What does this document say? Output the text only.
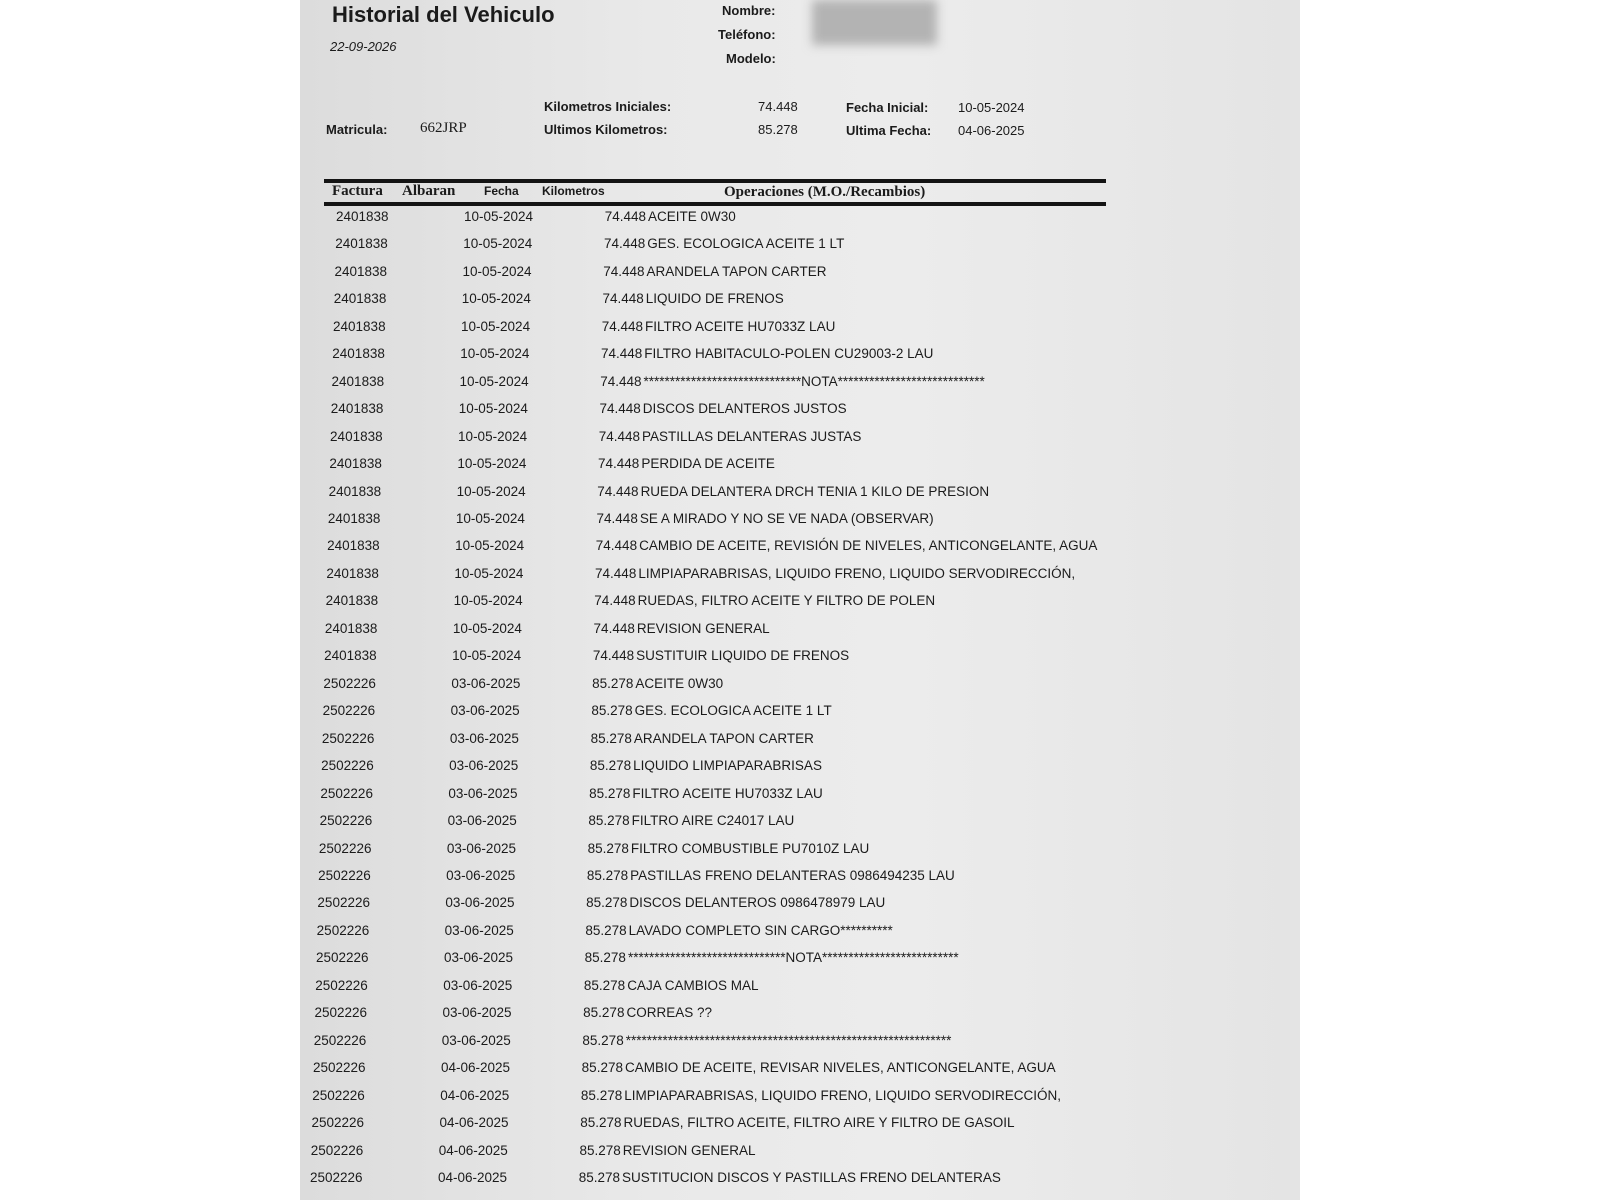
Historial del Vehiculo
22-09-2026
Nombre:
Teléfono:
Modelo:
Kilometros Iniciales:	74.448	Fecha Inicial: 10-05-2024
Matricula: 662JRP	Ultimos Kilometros:	85.278	Ultima Fecha: 04-06-2025
Factura Albaran Fecha Kilometros	Operaciones (M.O./Recambios)
2401838	10-05-2024	74.448 ACEITE 0W30
2401838	10-05-2024	74.448 GES. ECOLOGICA ACEITE 1 LT
2401838	10-05-2024	74.448 ARANDELA TAPON CARTER
2401838	10-05-2024	74.448 LIQUIDO DE FRENOS
2401838	10-05-2024	74.448 FILTRO ACEITE HU7033Z LAU
2401838	10-05-2024	74.448 FILTRO HABITACULO-POLEN CU29003-2 LAU
2401838	10-05-2024	74.448 ******************************NOTA****************************
2401838	10-05-2024	74.448 DISCOS DELANTEROS JUSTOS
2401838	10-05-2024	74.448 PASTILLAS DELANTERAS JUSTAS
2401838	10-05-2024	74.448 PERDIDA DE ACEITE
2401838	10-05-2024	74.448 RUEDA DELANTERA DRCH TENIA 1 KILO DE PRESION
2401838	10-05-2024	74.448 SE A MIRADO Y NO SE VE NADA (OBSERVAR)
2401838	10-05-2024	74.448 CAMBIO DE ACEITE, REVISIÓN DE NIVELES, ANTICONGELANTE, AGUA
2401838	10-05-2024	74.448 LIMPIAPARABRISAS, LIQUIDO FRENO, LIQUIDO SERVODIRECCIÓN,
2401838	10-05-2024	74.448 RUEDAS, FILTRO ACEITE Y FILTRO DE POLEN
2401838	10-05-2024	74.448 REVISION GENERAL
2401838	10-05-2024	74.448 SUSTITUIR LIQUIDO DE FRENOS
2502226	03-06-2025	85.278 ACEITE 0W30
2502226	03-06-2025	85.278 GES. ECOLOGICA ACEITE 1 LT
2502226	03-06-2025	85.278 ARANDELA TAPON CARTER
2502226	03-06-2025	85.278 LIQUIDO LIMPIAPARABRISAS
2502226	03-06-2025	85.278 FILTRO ACEITE HU7033Z LAU
2502226	03-06-2025	85.278 FILTRO AIRE C24017 LAU
2502226	03-06-2025	85.278 FILTRO COMBUSTIBLE PU7010Z LAU
2502226	03-06-2025	85.278 PASTILLAS FRENO DELANTERAS 0986494235 LAU
2502226	03-06-2025	85.278 DISCOS DELANTEROS 0986478979 LAU
2502226	03-06-2025	85.278 LAVADO COMPLETO SIN CARGO**********
2502226	03-06-2025	85.278 ******************************NOTA**************************
2502226	03-06-2025	85.278 CAJA CAMBIOS MAL
2502226	03-06-2025	85.278 CORREAS ??
2502226	03-06-2025	85.278 **************************************************************
2502226	04-06-2025	85.278 CAMBIO DE ACEITE, REVISAR NIVELES, ANTICONGELANTE, AGUA
2502226	04-06-2025	85.278 LIMPIAPARABRISAS, LIQUIDO FRENO, LIQUIDO SERVODIRECCIÓN,
2502226	04-06-2025	85.278 RUEDAS, FILTRO ACEITE, FILTRO AIRE Y FILTRO DE GASOIL
2502226	04-06-2025	85.278 REVISION GENERAL
2502226	04-06-2025	85.278 SUSTITUCION DISCOS Y PASTILLAS FRENO DELANTERAS
